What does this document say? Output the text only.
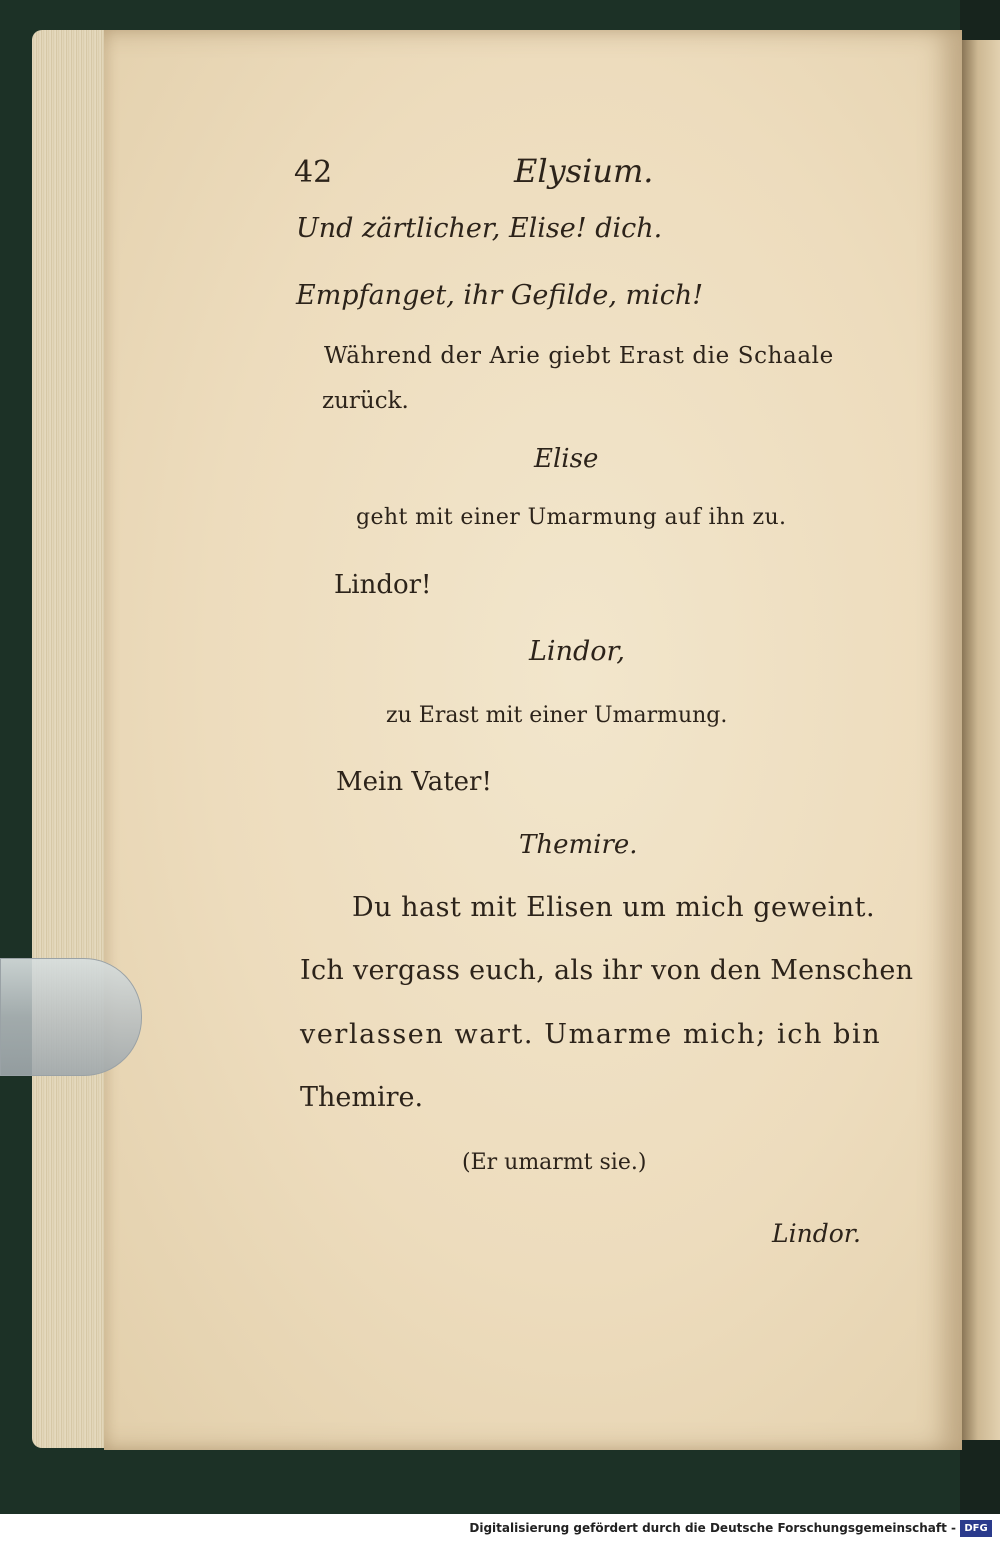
42	Elysium.
Und zärtlicher, Elise! dich.
Empfanget, ihr Gefilde, mich!
Während der Arie giebt Erast die Schaale
zurück.
Elise
geht mit einer Umarmung auf ihn zu.
Lindor!
Lindor,
zu Erast mit einer Umarmung.
Mein Vater!
Themire.
Du hast mit Elisen um mich geweint.
Ich vergass euch, als ihr von den Menschen
verlassen wart. Umarme mich; ich bin
Themire.
(Er umarmt sie.)
Lindor.
Digitalisierung gefördert durch die Deutsche Forschungsgemeinschaft - DFG
